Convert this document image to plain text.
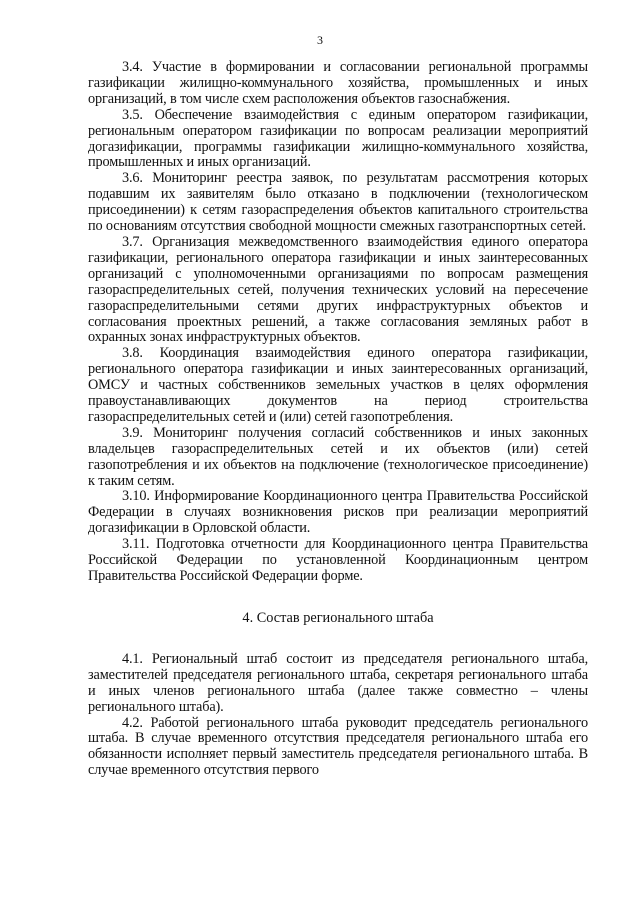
3

3.4. Участие в формировании и согласовании региональной программы газификации жилищно-коммунального хозяйства, промышленных и иных организаций, в том числе схем расположения объектов газоснабжения.

3.5. Обеспечение взаимодействия с единым оператором газификации, региональным оператором газификации по вопросам реализации мероприятий догазификации, программы газификации жилищно-коммунального хозяйства, промышленных и иных организаций.

3.6. Мониторинг реестра заявок, по результатам рассмотрения которых подавшим их заявителям было отказано в подключении (технологическом присоединении) к сетям газораспределения объектов капитального строительства по основаниям отсутствия свободной мощности смежных газотранспортных сетей.

3.7. Организация межведомственного взаимодействия единого оператора газификации, регионального оператора газификации и иных заинтересованных организаций с уполномоченными организациями по вопросам размещения газораспределительных сетей, получения технических условий на пересечение газораспределительными сетями других инфраструктурных объектов и согласования проектных решений, а также согласования земляных работ в охранных зонах инфраструктурных объектов.

3.8. Координация взаимодействия единого оператора газификации, регионального оператора газификации и иных заинтересованных организаций, ОМСУ и частных собственников земельных участков в целях оформления правоустанавливающих документов на период строительства газораспределительных сетей и (или) сетей газопотребления.

3.9. Мониторинг получения согласий собственников и иных законных владельцев газораспределительных сетей и их объектов (или) сетей газопотребления и их объектов на подключение (технологическое присоединение) к таким сетям.

3.10. Информирование Координационного центра Правительства Российской Федерации в случаях возникновения рисков при реализации мероприятий догазификации в Орловской области.

3.11. Подготовка отчетности для Координационного центра Правительства Российской Федерации по установленной Координационным центром Правительства Российской Федерации форме.

4. Состав регионального штаба

4.1. Региональный штаб состоит из председателя регионального штаба, заместителей председателя регионального штаба, секретаря регионального штаба и иных членов регионального штаба (далее также совместно – члены регионального штаба).

4.2. Работой регионального штаба руководит председатель регионального штаба. В случае временного отсутствия председателя регионального штаба его обязанности исполняет первый заместитель председателя регионального штаба. В случае временного отсутствия первого
